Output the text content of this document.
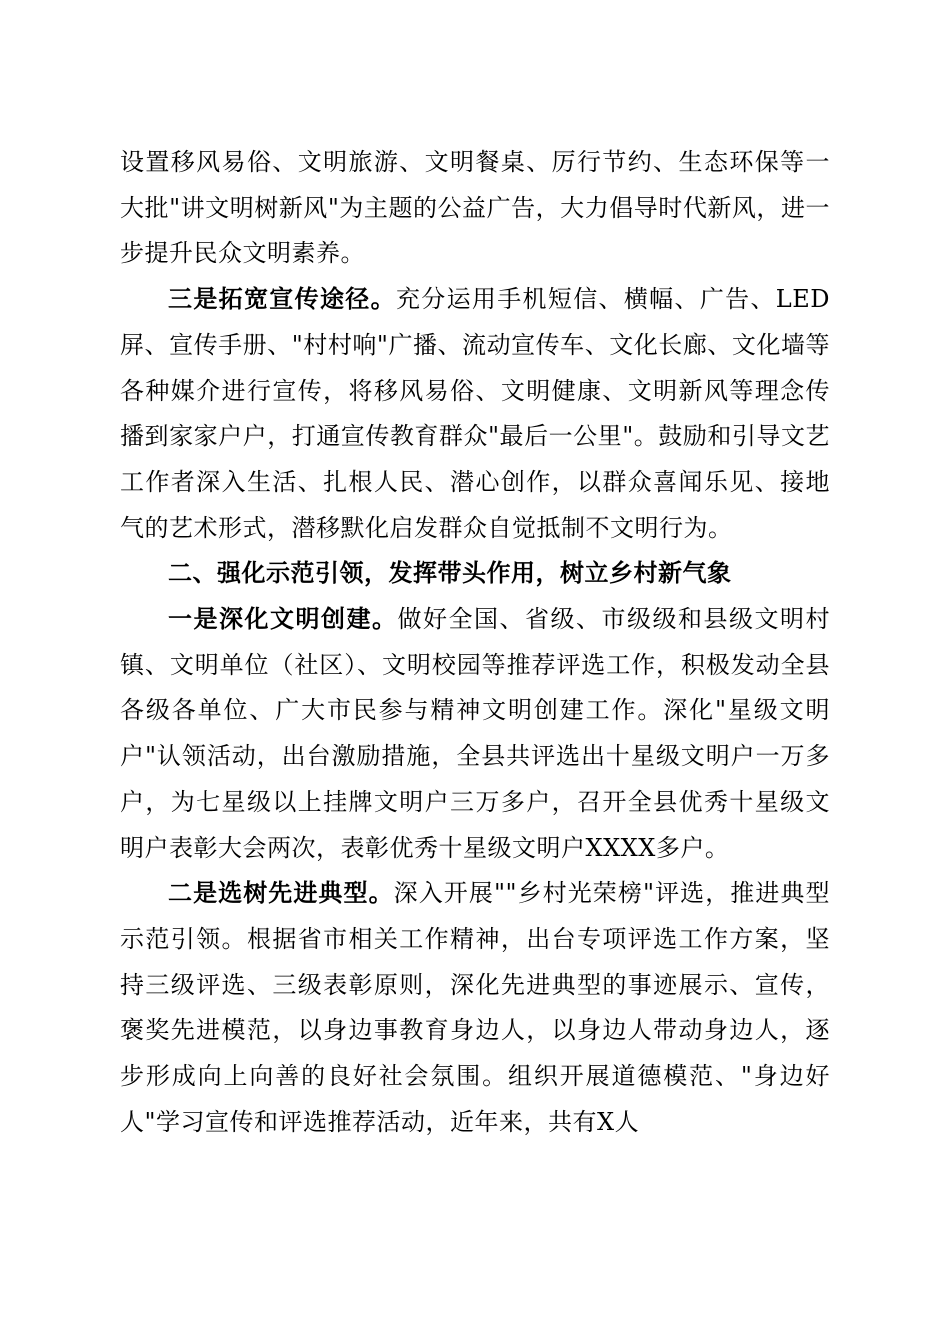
设置移风易俗、文明旅游、文明餐桌、厉行节约、生态环保等一大批"讲文明树新风"为主题的公益广告，大力倡导时代新风，进一步提升民众文明素养。

三是拓宽宣传途径。充分运用手机短信、横幅、广告、LED屏、宣传手册、"村村响"广播、流动宣传车、文化长廊、文化墙等各种媒介进行宣传，将移风易俗、文明健康、文明新风等理念传播到家家户户，打通宣传教育群众"最后一公里"。鼓励和引导文艺工作者深入生活、扎根人民、潜心创作，以群众喜闻乐见、接地气的艺术形式，潜移默化启发群众自觉抵制不文明行为。

二、强化示范引领，发挥带头作用，树立乡村新气象

一是深化文明创建。做好全国、省级、市级级和县级文明村镇、文明单位（社区）、文明校园等推荐评选工作，积极发动全县各级各单位、广大市民参与精神文明创建工作。深化"星级文明户"认领活动，出台激励措施，全县共评选出十星级文明户一万多户，为七星级以上挂牌文明户三万多户，召开全县优秀十星级文明户表彰大会两次，表彰优秀十星级文明户XXXX多户。

二是选树先进典型。深入开展""乡村光荣榜"评选，推进典型示范引领。根据省市相关工作精神，出台专项评选工作方案，坚持三级评选、三级表彰原则，深化先进典型的事迹展示、宣传，褒奖先进模范，以身边事教育身边人，以身边人带动身边人，逐步形成向上向善的良好社会氛围。组织开展道德模范、"身边好人"学习宣传和评选推荐活动，近年来，共有X人
